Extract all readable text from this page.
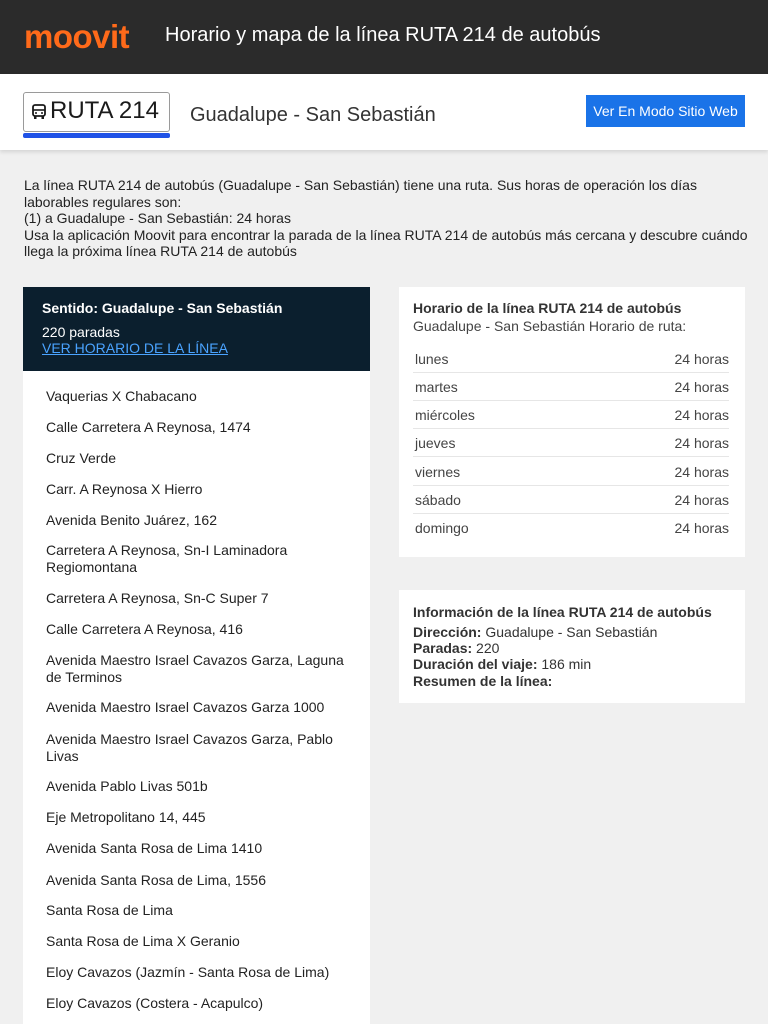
moovit Horario y mapa de la línea RUTA 214 de autobús
RUTA 214 Guadalupe - San Sebastián	Ver En Modo Sitio Web
La línea RUTA 214 de autobús (Guadalupe - San Sebastián) tiene una ruta. Sus horas de operación los días laborables regulares son:
(1) a Guadalupe - San Sebastián: 24 horas
Usa la aplicación Moovit para encontrar la parada de la línea RUTA 214 de autobús más cercana y descubre cuándo llega la próxima línea RUTA 214 de autobús
Sentido: Guadalupe - San Sebastián
220 paradas
VER HORARIO DE LA LÍNEA
Vaquerias X Chabacano
Calle Carretera A Reynosa, 1474
Cruz Verde
Carr. A Reynosa X Hierro
Avenida Benito Juárez, 162
Carretera A Reynosa, Sn-I Laminadora Regiomontana
Carretera A Reynosa, Sn-C Super 7
Calle Carretera A Reynosa, 416
Avenida Maestro Israel Cavazos Garza, Laguna de Terminos
Avenida Maestro Israel Cavazos Garza 1000
Avenida Maestro Israel Cavazos Garza, Pablo Livas
Avenida Pablo Livas 501b
Eje Metropolitano 14, 445
Avenida Santa Rosa de Lima 1410
Avenida Santa Rosa de Lima, 1556
Santa Rosa de Lima
Santa Rosa de Lima X Geranio
Eloy Cavazos (Jazmín - Santa Rosa de Lima)
Eloy Cavazos (Costera - Acapulco)
Horario de la línea RUTA 214 de autobús
Guadalupe - San Sebastián Horario de ruta:
lunes	24 horas
martes	24 horas
miércoles	24 horas
jueves	24 horas
viernes	24 horas
sábado	24 horas
domingo	24 horas
Información de la línea RUTA 214 de autobús
Dirección: Guadalupe - San Sebastián
Paradas: 220
Duración del viaje: 186 min
Resumen de la línea:
